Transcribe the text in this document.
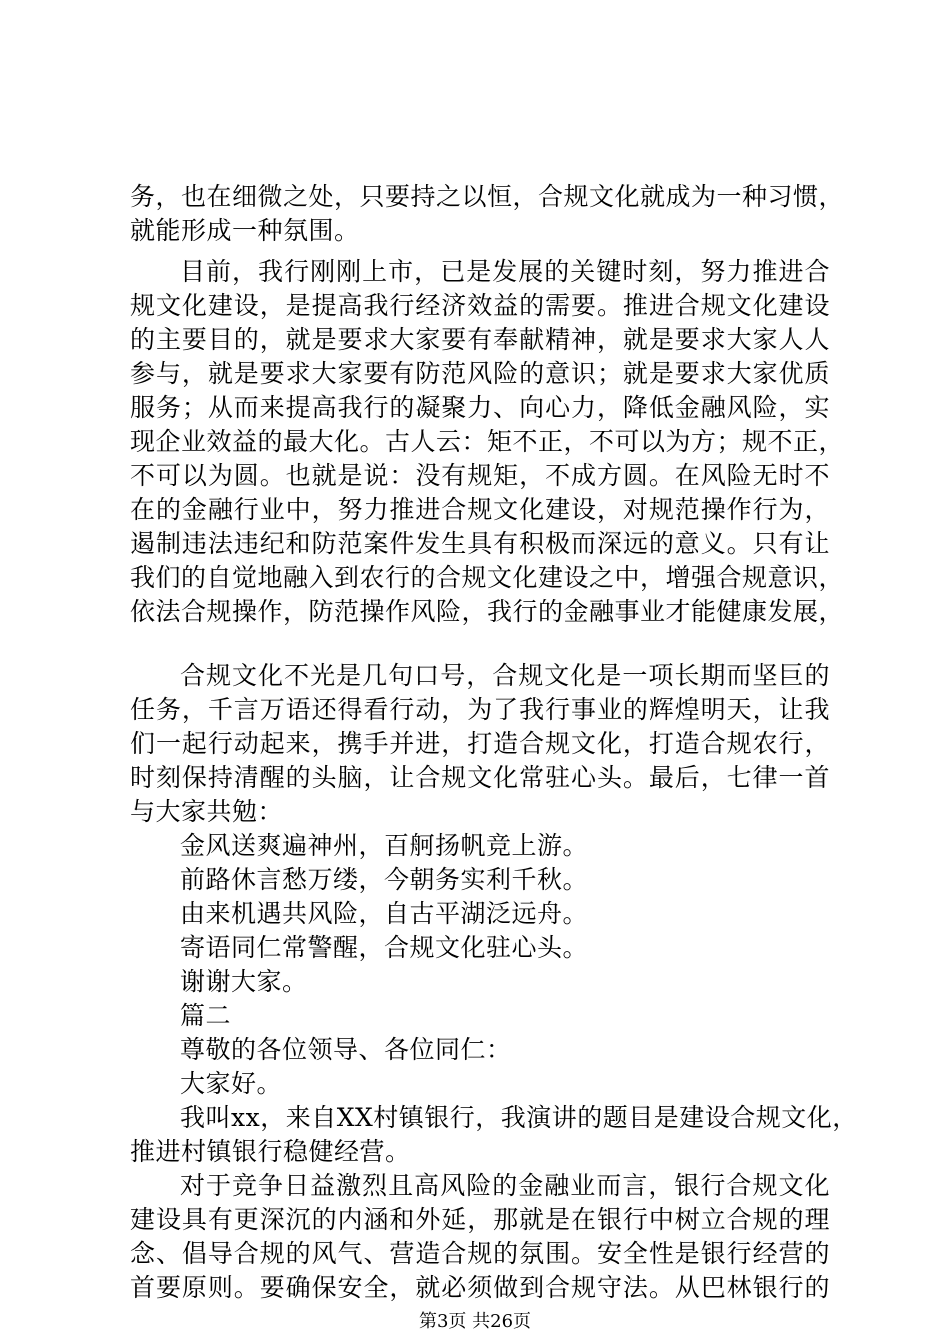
务，也在细微之处，只要持之以恒，合规文化就成为一种习惯，
就能形成一种氛围。
目前，我行刚刚上市，已是发展的关键时刻，努力推进合
规文化建设，是提高我行经济效益的需要。推进合规文化建设
的主要目的，就是要求大家要有奉献精神，就是要求大家人人
参与，就是要求大家要有防范风险的意识；就是要求大家优质
服务；从而来提高我行的凝聚力、向心力，降低金融风险，实
现企业效益的最大化。古人云：矩不正，不可以为方；规不正，
不可以为圆。也就是说：没有规矩，不成方圆。在风险无时不
在的金融行业中，努力推进合规文化建设，对规范操作行为，
遏制违法违纪和防范案件发生具有积极而深远的意义。只有让
我们的自觉地融入到农行的合规文化建设之中，增强合规意识，
依法合规操作，防范操作风险，我行的金融事业才能健康发展，
合规文化不光是几句口号，合规文化是一项长期而坚巨的
任务，千言万语还得看行动，为了我行事业的辉煌明天，让我
们一起行动起来，携手并进，打造合规文化，打造合规农行，
时刻保持清醒的头脑，让合规文化常驻心头。最后，七律一首
与大家共勉：
金风送爽遍神州，百舸扬帆竞上游。
前路休言愁万缕，今朝务实利千秋。
由来机遇共风险，自古平湖泛远舟。
寄语同仁常警醒，合规文化驻心头。
谢谢大家。
篇二
尊敬的各位领导、各位同仁：
大家好。
我叫xx，来自XX村镇银行，我演讲的题目是建设合规文化，
推进村镇银行稳健经营。
对于竞争日益激烈且高风险的金融业而言，银行合规文化
建设具有更深沉的内涵和外延，那就是在银行中树立合规的理
念、倡导合规的风气、营造合规的氛围。安全性是银行经营的
首要原则。要确保安全，就必须做到合规守法。从巴林银行的
第3页 共26页
